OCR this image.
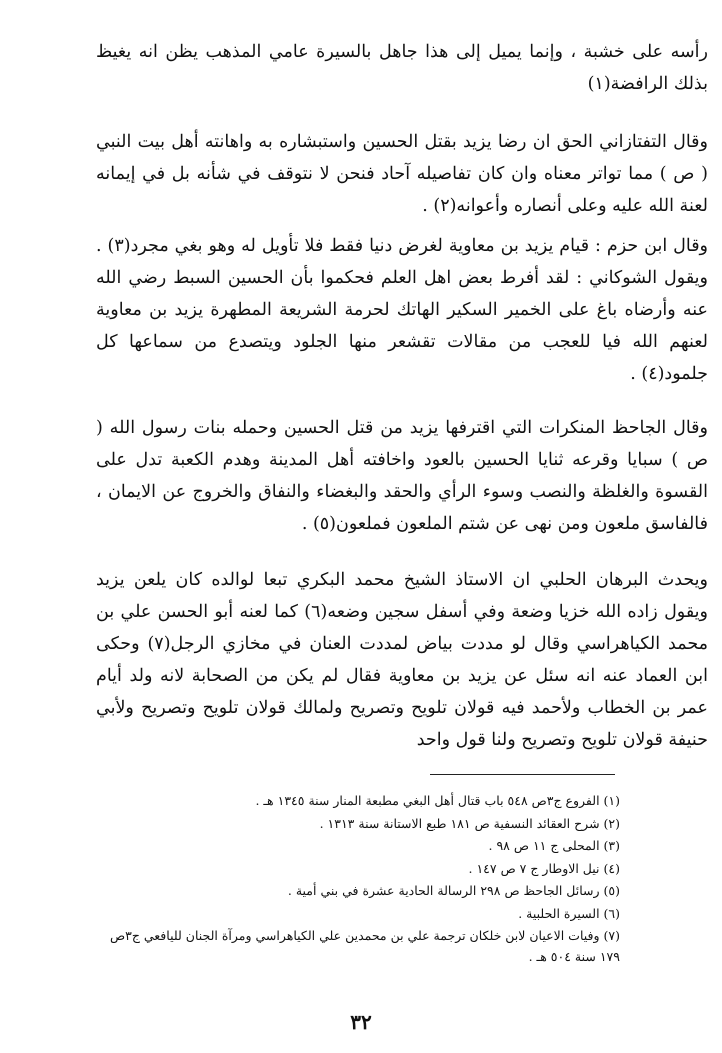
رأسه على خشبة ، وإنما يميل إلى هذا جاهل بالسيرة عامي المذهب يظن انه يغيظ بذلك الرافضة(١)

وقال التفتازاني الحق ان رضا يزيد بقتل الحسين واستبشاره به واهانته أهل بيت النبي ( ص ) مما تواتر معناه وان كان تفاصيله آحاد فنحن لا نتوقف في شأنه بل في إيمانه لعنة الله عليه وعلى أنصاره وأعوانه(٢) .

وقال ابن حزم : قيام يزيد بن معاوية لغرض دنيا فقط فلا تأويل له وهو بغي مجرد(٣) . ويقول الشوكاني : لقد أفرط بعض اهل العلم فحكموا بأن الحسين السبط رضي الله عنه وأرضاه باغ على الخمير السكير الهاتك لحرمة الشريعة المطهرة يزيد بن معاوية لعنهم الله فيا للعجب من مقالات تقشعر منها الجلود ويتصدع من سماعها كل جلمود(٤) .

وقال الجاحظ المنكرات التي اقترفها يزيد من قتل الحسين وحمله بنات رسول الله ( ص ) سبايا وقرعه ثنايا الحسين بالعود واخافته أهل المدينة وهدم الكعبة تدل على القسوة والغلظة والنصب وسوء الرأي والحقد والبغضاء والنفاق والخروج عن الايمان ، فالفاسق ملعون ومن نهى عن شتم الملعون فملعون(٥) .

ويحدث البرهان الحلبي ان الاستاذ الشيخ محمد البكري تبعا لوالده كان يلعن يزيد ويقول زاده الله خزيا وضعة وفي أسفل سجين وضعه(٦) كما لعنه أبو الحسن علي بن محمد الكياهراسي وقال لو مددت بياض لمددت العنان في مخازي الرجل(٧) وحكى ابن العماد عنه انه سئل عن يزيد بن معاوية فقال لم يكن من الصحابة لانه ولد أيام عمر بن الخطاب ولأحمد فيه قولان تلويح وتصريح ولمالك قولان تلويح وتصريح ولأبي حنيفة قولان تلويح وتصريح ولنا قول واحد

(١) الفروع ج٣ص ٥٤٨ باب قتال أهل البغي مطبعة المنار سنة ١٣٤٥ هـ .
(٢) شرح العقائد النسفية ص ١٨١ طبع الاستانة سنة ١٣١٣ .
(٣) المحلى ج ١١ ص ٩٨ .
(٤) نيل الاوطار ج ٧ ص ١٤٧ .
(٥) رسائل الجاحظ ص ٢٩٨ الرسالة الحادية عشرة في بني أمية .
(٦) السيرة الحلبية .
(٧) وفيات الاعيان لابن خلكان ترجمة علي بن محمدين علي الكياهراسي ومرآة الجنان لليافعي ج٣ص ١٧٩ سنة ٥٠٤ هـ .
٣٢
